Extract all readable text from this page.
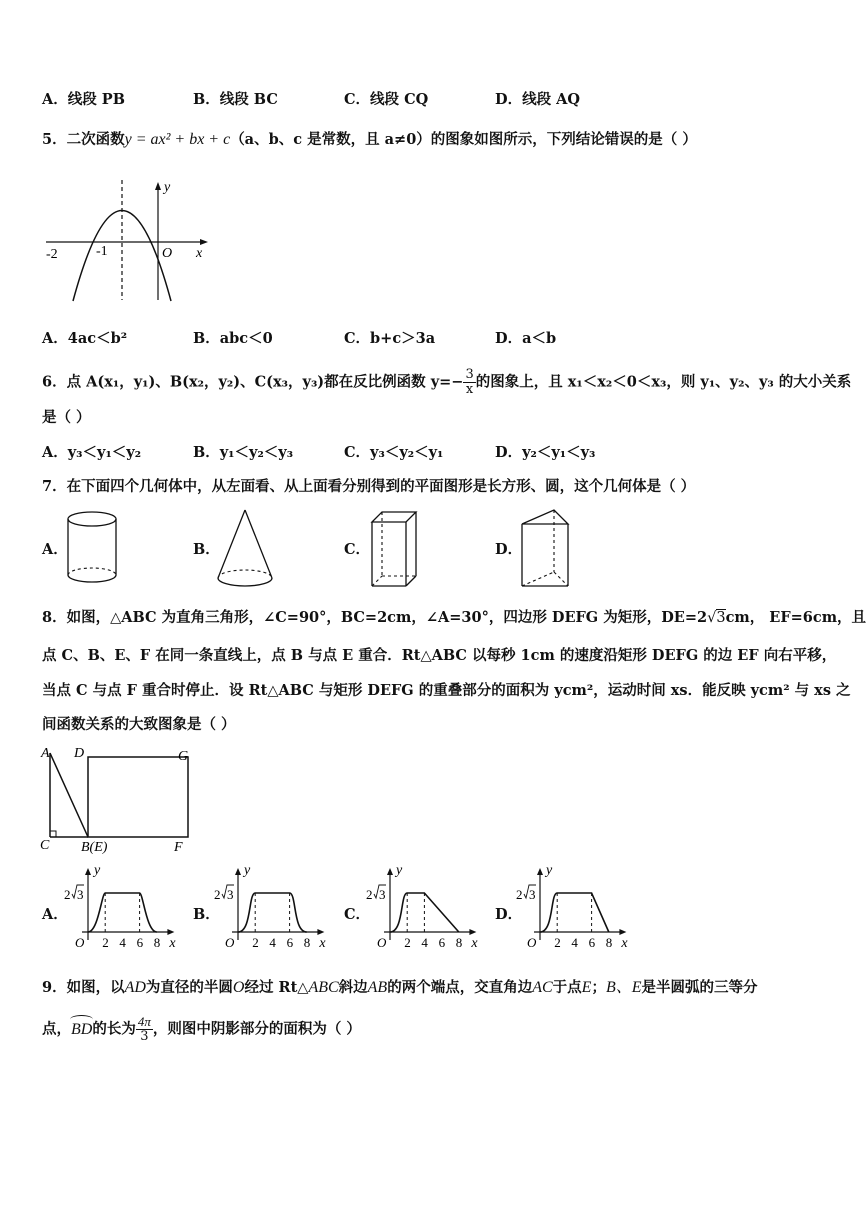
A．线段 PB	B．线段 BC	C．线段 CQ	D．线段 AQ
5．二次函数y = ax² + bx + c（a、b、c 是常数，且 a≠0）的图象如图所示，下列结论错误的是（ ）
y
x
O
-2	-1
A．4ac＜b²	B．abc＜0	C．b+c＞3a	D．a＜b
6．点 A(x₁，y₁)、B(x₂，y₂)、C(x₃，y₃)都在反比例函数 $y=- \frac{3}{x}$ 的图象上，且 x₁＜x₂＜0＜x₃，则 y₁、y₂、y₃ 的大小关系
是（ ）
A．y₃＜y₁＜y₂	B．y₁＜y₂＜y₃	C．y₃＜y₂＜y₁	D．y₂＜y₁＜y₃
7．在下面四个几何体中，从左面看、从上面看分别得到的平面图形是长方形、圆，这个几何体是（ ）
A．	B．	C．	D．
8．如图，△ABC 为直角三角形，∠C=90°，BC=2cm，∠A=30°，四边形 DEFG 为矩形，DE=2√3cm， EF=6cm，且
点 C、B、E、F 在同一条直线上，点 B 与点 E 重合．Rt△ABC 以每秒 1cm 的速度沿矩形 DEFG 的边 EF 向右平移，
当点 C 与点 F 重合时停止．设 Rt△ABC 与矩形 DEFG 的重叠部分的面积为 ycm²，运动时间 xs．能反映 ycm² 与 xs 之
间函数关系的大致图象是（ ）
A D	G
C B(E)	F
A．	B．	C．	D．
y
x
O 2 4 6 8
2 3
y
x
O 2 4 6 8
2 3
y
x
O 2 4 6 8
2 3
y
x
O 2 4 6 8
2 3
9．如图，以AD为直径的半圆O经过 Rt△ABC斜边AB的两个端点，交直角边AC于点E；B、E是半圆弧的三等分
点，BD的长为 $\frac{4\pi}{3}$ ，则图中阴影部分的面积为（ ）
